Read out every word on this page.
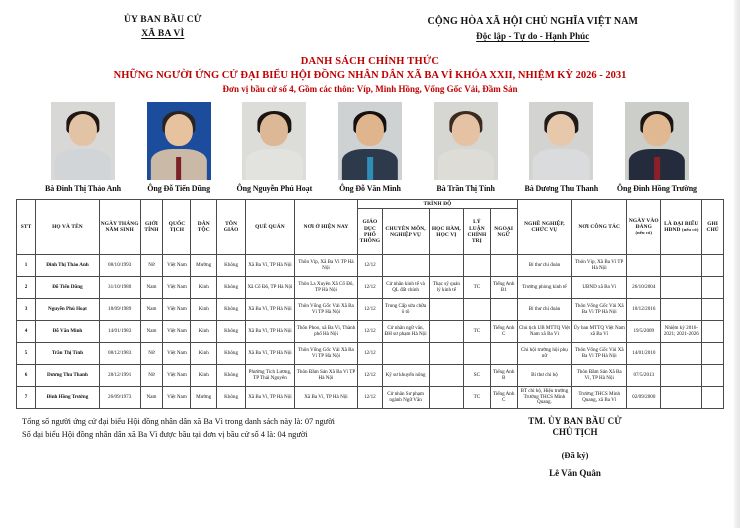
ỦY BAN BẦU CỬ
XÃ BA VÌ
CỘNG HÒA XÃ HỘI CHỦ NGHĨA VIỆT NAM
Độc lập - Tự do - Hạnh Phúc
DANH SÁCH CHÍNH THỨC
NHỮNG NGƯỜI ỨNG CỬ ĐẠI BIỂU HỘI ĐỒNG NHÂN DÂN XÃ BA VÌ KHÓA XXII, NHIỆM KỲ 2026 - 2031
Đơn vị bầu cử số 4, Gồm các thôn: Víp, Minh Hồng, Vổng Gốc Vải, Đầm Sản
Bà Đinh Thị Thảo Anh	Ông Đỗ Tiến Dũng	Ông Nguyễn Phú Hoạt	Ông Đỗ Văn Minh	Bà Trần Thị Tính	Bà Dương Thu Thanh	Ông Đinh Hồng Trường
STT	HỌ VÀ TÊN	NGÀY THÁNG NĂM SINH	GIỚI TÍNH	QUỐC TỊCH	DÂN TỘC	TÔN GIÁO	QUÊ QUÁN	NƠI Ở HIỆN NAY	TRÌNH ĐỘ					NGHỀ NGHIỆP, CHỨC VỤ	NƠI CÔNG TÁC	NGÀY VÀO ĐẢNG
(nếu có)	LÀ ĐẠI BIỂU HĐND (nếu có)	GHI CHÚ
									GIÁO DỤC PHỔ THÔNG	CHUYÊN MÔN, NGHIỆP VỤ	HỌC HÀM, HỌC VỊ	LÝ LUẬN CHÍNH TRỊ	NGOẠI NGỮ					
1	Đinh Thị Thảo Anh	08/10/1993	Nữ	Việt Nam	Mường	Không	Xã Ba Vì, TP Hà Nội	Thôn Víp, Xã Ba Vì TP Hà Nội	12/12					Bí thư chi đoàn	Thôn Víp, Xã Ba Vì TP Hà Nội			
2	Đỗ Tiến Dũng	31/10/1980	Nam	Việt Nam	Kinh	Không	Xã Cổ Đô, TP Hà Nội	Thôn La Xuyên Xã Cổ Đô, TP Hà Nội	12/12	Cử nhân kinh tế và QL đất chính	Thạc sỹ quản lý kinh tế	TC	Tiếng Anh B1	Trưởng phòng kinh tế	UBND xã Ba Vì	26/10/2004		
3	Nguyễn Phú Hoạt	18/09/1989	Nam	Việt Nam	Kinh	Không	Xã Ba Vì, TP Hà Nội	Thôn Vổng Gốc Vải Xã Ba Vì TP Hà Nội	12/12	Trung Cấp sửa chữa ô tô				Bí thư chi đoàn	Thôn Vổng Gốc Vải Xã Ba Vì TP Hà Nội	10/12/2016		
4	Đỗ Văn Minh	14/01/1983	Nam	Việt Nam	Kinh	Không	Xã Ba Vì, TP Hà Nội	Thôn Phoo, xã Ba Vì, Thành phố Hà Nội	12/12	Cử nhân ngữ văn, ĐH sư phạm Hà Nội		TC	Tiếng Anh C	Chủ tịch UB MTTQ Việt Nam xã Ba Vì	Ủy ban MTTQ Việt Nam xã Ba Vì	19/5/2009	Nhiệm kỳ 2016-2021; 2021-2026	
5	Trần Thị Tính	08/12/1983	Nữ	Việt Nam	Kinh	Không	Xã Ba Vì, TP Hà Nội	Thôn Vổng Gốc Vải Xã Ba Vì TP Hà Nội	12/12					Chi hội trưởng hội phụ nữ	Thôn Vổng Gốc Vải Xã Ba Vì TP Hà Nội	14/01/2010		
6	Dương Thu Thanh	28/12/1991	Nữ	Việt Nam	Kinh	Không	Phường Tích Lương, TP Thái Nguyên	Thôn Đầm Sản Xã Ba Vì TP Hà Nội	12/12	Kỹ sư khuyến nông		SC	Tiếng Anh B	Bí thư chi bộ	Thôn Đầm Sản Xã Ba Vì, TP Hà Nội	07/5/2013		
7	Đinh Hồng Trường	26/09/1973	Nam	Việt Nam	Mường	Không	Xã Ba Vì, TP Hà Nội	Xã Ba Vì, TP Hà Nội	12/12	Cử nhân Sư phạm ngành Ngữ Văn		TC	Tiếng Anh C	BT chi bộ, Hiệu trưởng Trường THCS Minh Quang.	Trường THCS Minh Quang, xã Ba Vì	02/09/2000		
Tổng số người ứng cử đại biểu Hội đồng nhân dân xã Ba Vì trong danh sách này là: 07 người
Số đại biểu Hội đồng nhân dân xã Ba Vì được bầu tại đơn vị bầu cử số 4 là: 04 người
TM. ỦY BAN BẦU CỬ
CHỦ TỊCH
(Đã ký)
Lê Văn Quân
